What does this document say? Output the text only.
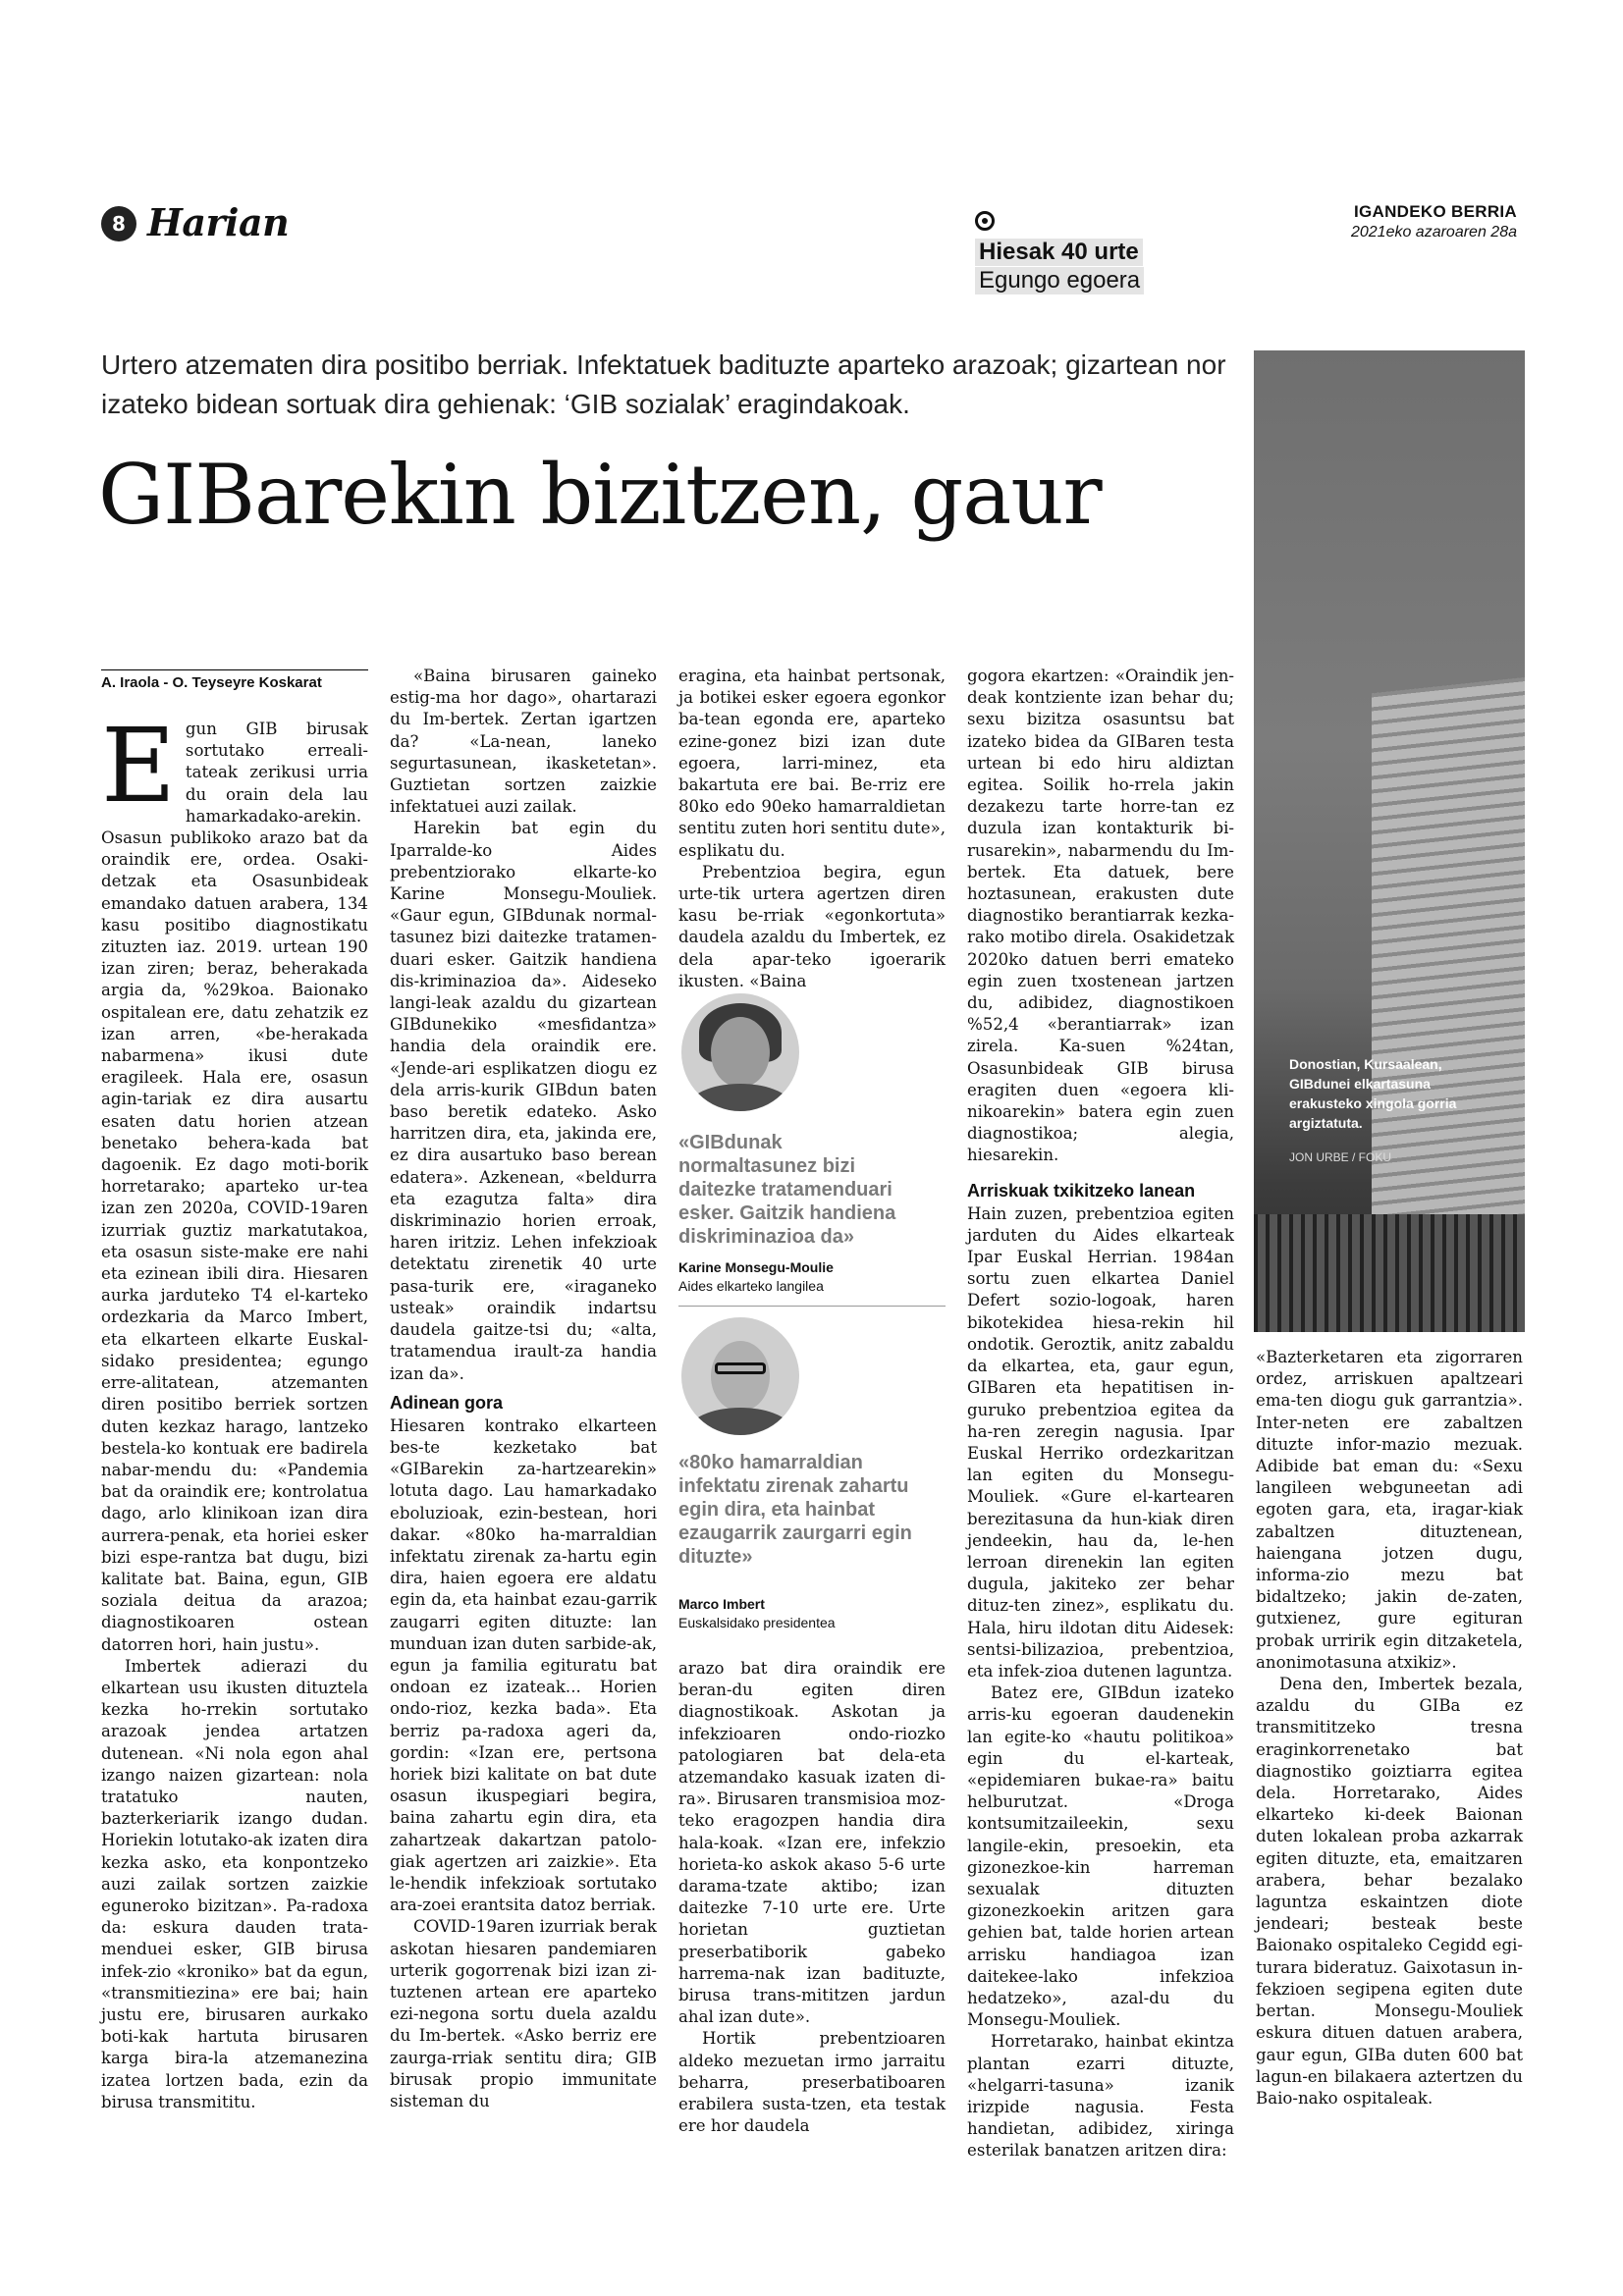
8 Harian
Hiesak 40 urte
Egungo egoera
IGANDEKO BERRIA
2021eko azaroaren 28a
Urtero atzematen dira positibo berriak. Infektatuek badituzte aparteko arazoak; gizartean nor izateko bidean sortuak dira gehienak: ‘GIB sozialak’ eragindakoak.
GIBarekin bizitzen, gaur
Donostian, Kursaalean, GIBdunei elkartasuna erakusteko xingola gorria argiztatuta.
JON URBE / FOKU
A. Iraola - O. Teyseyre Koskarat

Egun GIB birusak sortutako erreali-tateak zerikusi urria du orain dela lau hamarkadako-arekin. Osasun publikoko arazo bat da oraindik ere, ordea. Osaki-detzak eta Osasunbideak emandako datuen arabera, 134 kasu positibo diagnostikatu zituzten iaz. 2019. urtean 190 izan ziren; beraz, beherakada argia da, %29koa. Baionako ospitalean ere, datu zehatzik ez izan arren, «be-herakada nabarmena» ikusi dute eragileek. Hala ere, osasun agin-tariak ez dira ausartu esaten datu horien atzean benetako behera-kada bat dagoenik. Ez dago moti-borik horretarako; aparteko ur-tea izan zen 2020a, COVID-19aren izurriak guztiz markatutakoa, eta osasun siste-make ere nahi eta ezinean ibili dira. Hiesaren aurka jarduteko T4 el-karteko ordezkaria da Marco Imbert, eta elkarteen elkarte Euskal-sidako presidentea; egungo erre-alitatean, atzemanten diren positibo berriek sortzen duten kezkaz harago, lantzeko bestela-ko kontuak ere badirela nabar-mendu du: «Pandemia bat da oraindik ere; kontrolatua dago, arlo klinikoan izan dira aurrera-penak, eta horiei esker bizi espe-rantza bat dugu, bizi kalitate bat. Baina, egun, GIB soziala deitua da arazoa; diagnostikoaren ostean datorren hori, hain justu».

Imbertek adierazi du elkartean usu ikusten dituztela kezka ho-rrekin sortutako arazoak jendea artatzen dutenean. «Ni nola egon ahal izango naizen gizartean: nola tratatuko nauten, bazterkeriarik izango dudan. Horiekin lotutako-ak izaten dira kezka asko, eta konpontzeko auzi zailak sortzen zaizkie eguneroko bizitzan». Pa-radoxa da: eskura dauden trata-menduei esker, GIB birusa infek-zio «kroniko» bat da egun, «transmitiezina» ere bai; hain justu ere, birusaren aurkako boti-kak hartuta birusaren karga bira-la atzemanezina izatea lortzen bada, ezin da birusa transmititu.

«Baina birusaren gaineko estig-ma hor dago», ohartarazi du Im-bertek. Zertan igartzen da? «La-nean, laneko segurtasunean, ikasketetan». Guztietan sortzen zaizkie infektatuei auzi zailak.

Harekin bat egin du Iparralde-ko Aides prebentziorako elkarte-ko Karine Monsegu-Mouliek. «Gaur egun, GIBdunak normal-tasunez bizi daitezke tratamen-duari esker. Gaitzik handiena dis-kriminazioa da». Aideseko langi-leak azaldu du gizartean GIBdunekiko «mesfidantza» handia dela oraindik ere. «Jende-ari esplikatzen diogu ez dela arris-kurik GIBdun baten baso beretik edateko. Asko harritzen dira, eta, jakinda ere, ez dira ausartuko baso berean edatera». Azkenean, «beldurra eta ezagutza falta» dira diskriminazio horien erroak, haren iritziz. Lehen infekzioak detektatu zirenetik 40 urte pasa-turik ere, «iraganeko usteak» oraindik indartsu daudela gaitze-tsi du; «alta, tratamendua irault-za handia izan da».

Adinean gora

Hiesaren kontrako elkarteen bes-te kezketako bat «GIBarekin za-hartzearekin» lotuta dago. Lau hamarkadako eboluzioak, ezin-bestean, hori dakar. «80ko ha-marraldian infektatu zirenak za-hartu egin dira, haien egoera ere aldatu egin da, eta hainbat ezau-garrik zaugarri egiten dituzte: lan munduan izan duten sarbide-ak, egun ja familia egituratu bat ondoan ez izateak... Horien ondo-rioz, kezka bada». Eta berriz pa-radoxa ageri da, gordin: «Izan ere, pertsona horiek bizi kalitate on bat dute osasun ikuspegiari begira, baina zahartu egin dira, eta zahartzeak dakartzan patolo-giak agertzen ari zaizkie». Eta le-hendik infekzioak sortutako ara-zoei erantsita datoz berriak.

COVID-19aren izurriak berak askotan hiesaren pandemiaren urterik gogorrenak bizi izan zi-tuztenen artean ere aparteko ezi-negona sortu duela azaldu du Im-bertek. «Asko berriz ere zaurga-rriak sentitu dira; GIB birusak propio immunitate sisteman du

eragina, eta hainbat pertsonak, ja botikei esker egoera egonkor ba-tean egonda ere, aparteko ezine-gonez bizi izan dute egoera, larri-minez, eta bakartuta ere bai. Be-rriz ere 80ko edo 90eko hamarraldietan sentitu zuten hori sentitu dute», esplikatu du.

Prebentzioa begira, egun urte-tik urtera agertzen diren kasu be-rriak «egonkortuta» daudela azaldu du Imbertek, ez dela apar-teko igoerarik ikusten. «Baina

«GIBdunak normaltasunez bizi daitezke tratamenduari esker. Gaitzik handiena diskriminazioa da»
Karine Monsegu-Moulie
Aides elkarteko langilea
«80ko hamarraldian infektatu zirenak zahartu egin dira, eta hainbat ezaugarrik zaurgarri egin dituzte»
Marco Imbert
Euskalsidako presidentea

arazo bat dira oraindik ere beran-du egiten diren diagnostikoak. Askotan ja infekzioaren ondo-riozko patologiaren bat dela-eta atzemandako kasuak izaten di-ra». Birusaren transmisioa moz-teko eragozpen handia dira hala-koak. «Izan ere, infekzio horieta-ko askok akaso 5-6 urte darama-tzate aktibo; izan daitezke 7-10 urte ere. Urte horietan guztietan preserbatiborik gabeko harrema-nak izan badituzte, birusa trans-mititzen jardun ahal izan dute».

Hortik prebentzioaren aldeko mezuetan irmo jarraitu beharra, preserbatiboaren erabilera susta-tzen, eta testak ere hor daudela

gogora ekartzen: «Oraindik jen-deak kontziente izan behar du; sexu bizitza osasuntsu bat izateko bidea da GIBaren testa urtean bi edo hiru aldiztan egitea. Soilik ho-rrela jakin dezakezu tarte horre-tan ez duzula izan kontakturik bi-rusarekin», nabarmendu du Im-bertek. Eta datuek, bere hoztasunean, erakusten dute diagnostiko berantiarrak kezka-rako motibo direla. Osakidetzak 2020ko datuen berri emateko egin zuen txostenean jartzen du, adibidez, diagnostikoen %52,4 «berantiarrak» izan zirela. Ka-suen %24tan, Osasunbideak GIB birusa eragiten duen «egoera kli-nikoarekin» batera egin zuen diagnostikoa; alegia, hiesarekin.

Arriskuak txikitzeko lanean

Hain zuzen, prebentzioa egiten jarduten du Aides elkarteak Ipar Euskal Herrian. 1984an sortu zuen elkartea Daniel Defert sozio-logoak, haren bikotekidea hiesa-rekin hil ondotik. Geroztik, anitz zabaldu da elkartea, eta, gaur egun, GIBaren eta hepatitisen in-guruko prebentzioa egitea da ha-ren zeregin nagusia. Ipar Euskal Herriko ordezkaritzan lan egiten du Monsegu-Mouliek. «Gure el-kartearen berezitasuna da hun-kiak diren jendeekin, hau da, le-hen lerroan direnekin lan egiten dugula, jakiteko zer behar dituz-ten zinez», esplikatu du. Hala, hiru ildotan ditu Aidesek: sentsi-bilizazioa, prebentzioa, eta infek-zioa dutenen laguntza.

Batez ere, GIBdun izateko arris-ku egoeran daudenekin lan egite-ko «hautu politikoa» egin du el-karteak, «epidemiaren bukae-ra» baitu helburutzat. «Droga kontsumitzaileekin, sexu langile-ekin, presoekin, eta gizonezkoe-kin harreman sexualak dituzten gizonezkoekin aritzen gara gehien bat, talde horien artean arrisku handiagoa izan daitekee-lako infekzioa hedatzeko», azal-du du Monsegu-Mouliek.

Horretarako, hainbat ekintza plantan ezarri dituzte, «helgarri-tasuna» izanik irizpide nagusia. Festa handietan, adibidez, xiringa esterilak banatzen aritzen dira:

«Bazterketaren eta zigorraren ordez, arriskuen apaltzeari ema-ten diogu guk garrantzia». Inter-neten ere zabaltzen dituzte infor-mazio mezuak. Adibide bat eman du: «Sexu langileen webguneetan adi egoten gara, eta, iragar-kiak zabaltzen dituztenean, haiengana jotzen dugu, informa-zio mezu bat bidaltzeko; jakin de-zaten, gutxienez, gure egituran probak urririk egin ditzaketela, anonimotasuna atxikiz».

Dena den, Imbertek bezala, azaldu du GIBa ez transmititzeko tresna eraginkorrenetako bat diagnostiko goiztiarra egitea dela. Horretarako, Aides elkarteko ki-deek Baionan duten lokalean proba azkarrak egiten dituzte, eta, emaitzaren arabera, behar bezalako laguntza eskaintzen diote jendeari; besteak beste Baionako ospitaleko Cegidd egi-turara bideratuz. Gaixotasun in-fekzioen segipena egiten dute bertan. Monsegu-Mouliek eskura dituen datuen arabera, gaur egun, GIBa duten 600 bat lagun-en bilakaera aztertzen du Baio-nako ospitaleak.
